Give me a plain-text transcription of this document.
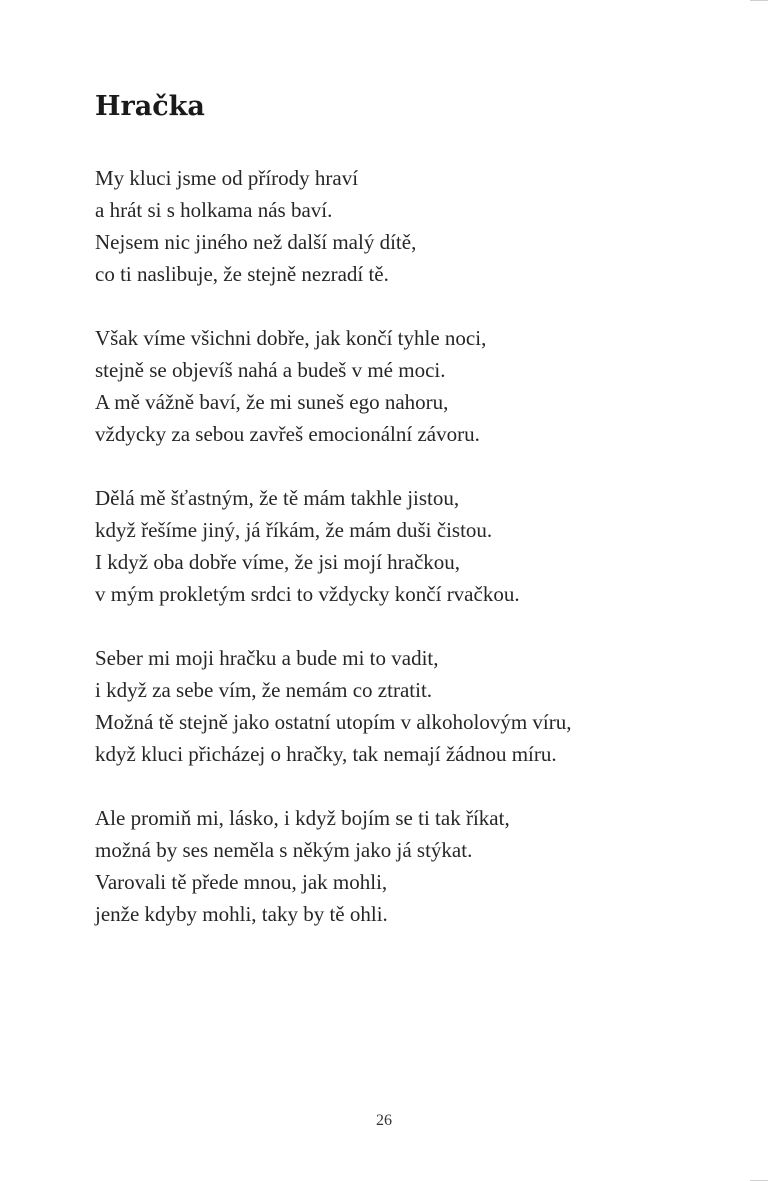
Hračka
My kluci jsme od přírody hraví
a hrát si s holkama nás baví.
Nejsem nic jiného než další malý dítě,
co ti naslibuje, že stejně nezradí tě.
Však víme všichni dobře, jak končí tyhle noci,
stejně se objevíš nahá a budeš v mé moci.
A mě vážně baví, že mi suneš ego nahoru,
vždycky za sebou zavřeš emocionální závoru.
Dělá mě šťastným, že tě mám takhle jistou,
když řešíme jiný, já říkám, že mám duši čistou.
I když oba dobře víme, že jsi mojí hračkou,
v mým prokletým srdci to vždycky končí rvačkou.
Seber mi moji hračku a bude mi to vadit,
i když za sebe vím, že nemám co ztratit.
Možná tě stejně jako ostatní utopím v alkoholovým víru,
když kluci přicházej o hračky, tak nemají žádnou míru.
Ale promiň mi, lásko, i když bojím se ti tak říkat,
možná by ses neměla s někým jako já stýkat.
Varovali tě přede mnou, jak mohli,
jenže kdyby mohli, taky by tě ohli.
26
